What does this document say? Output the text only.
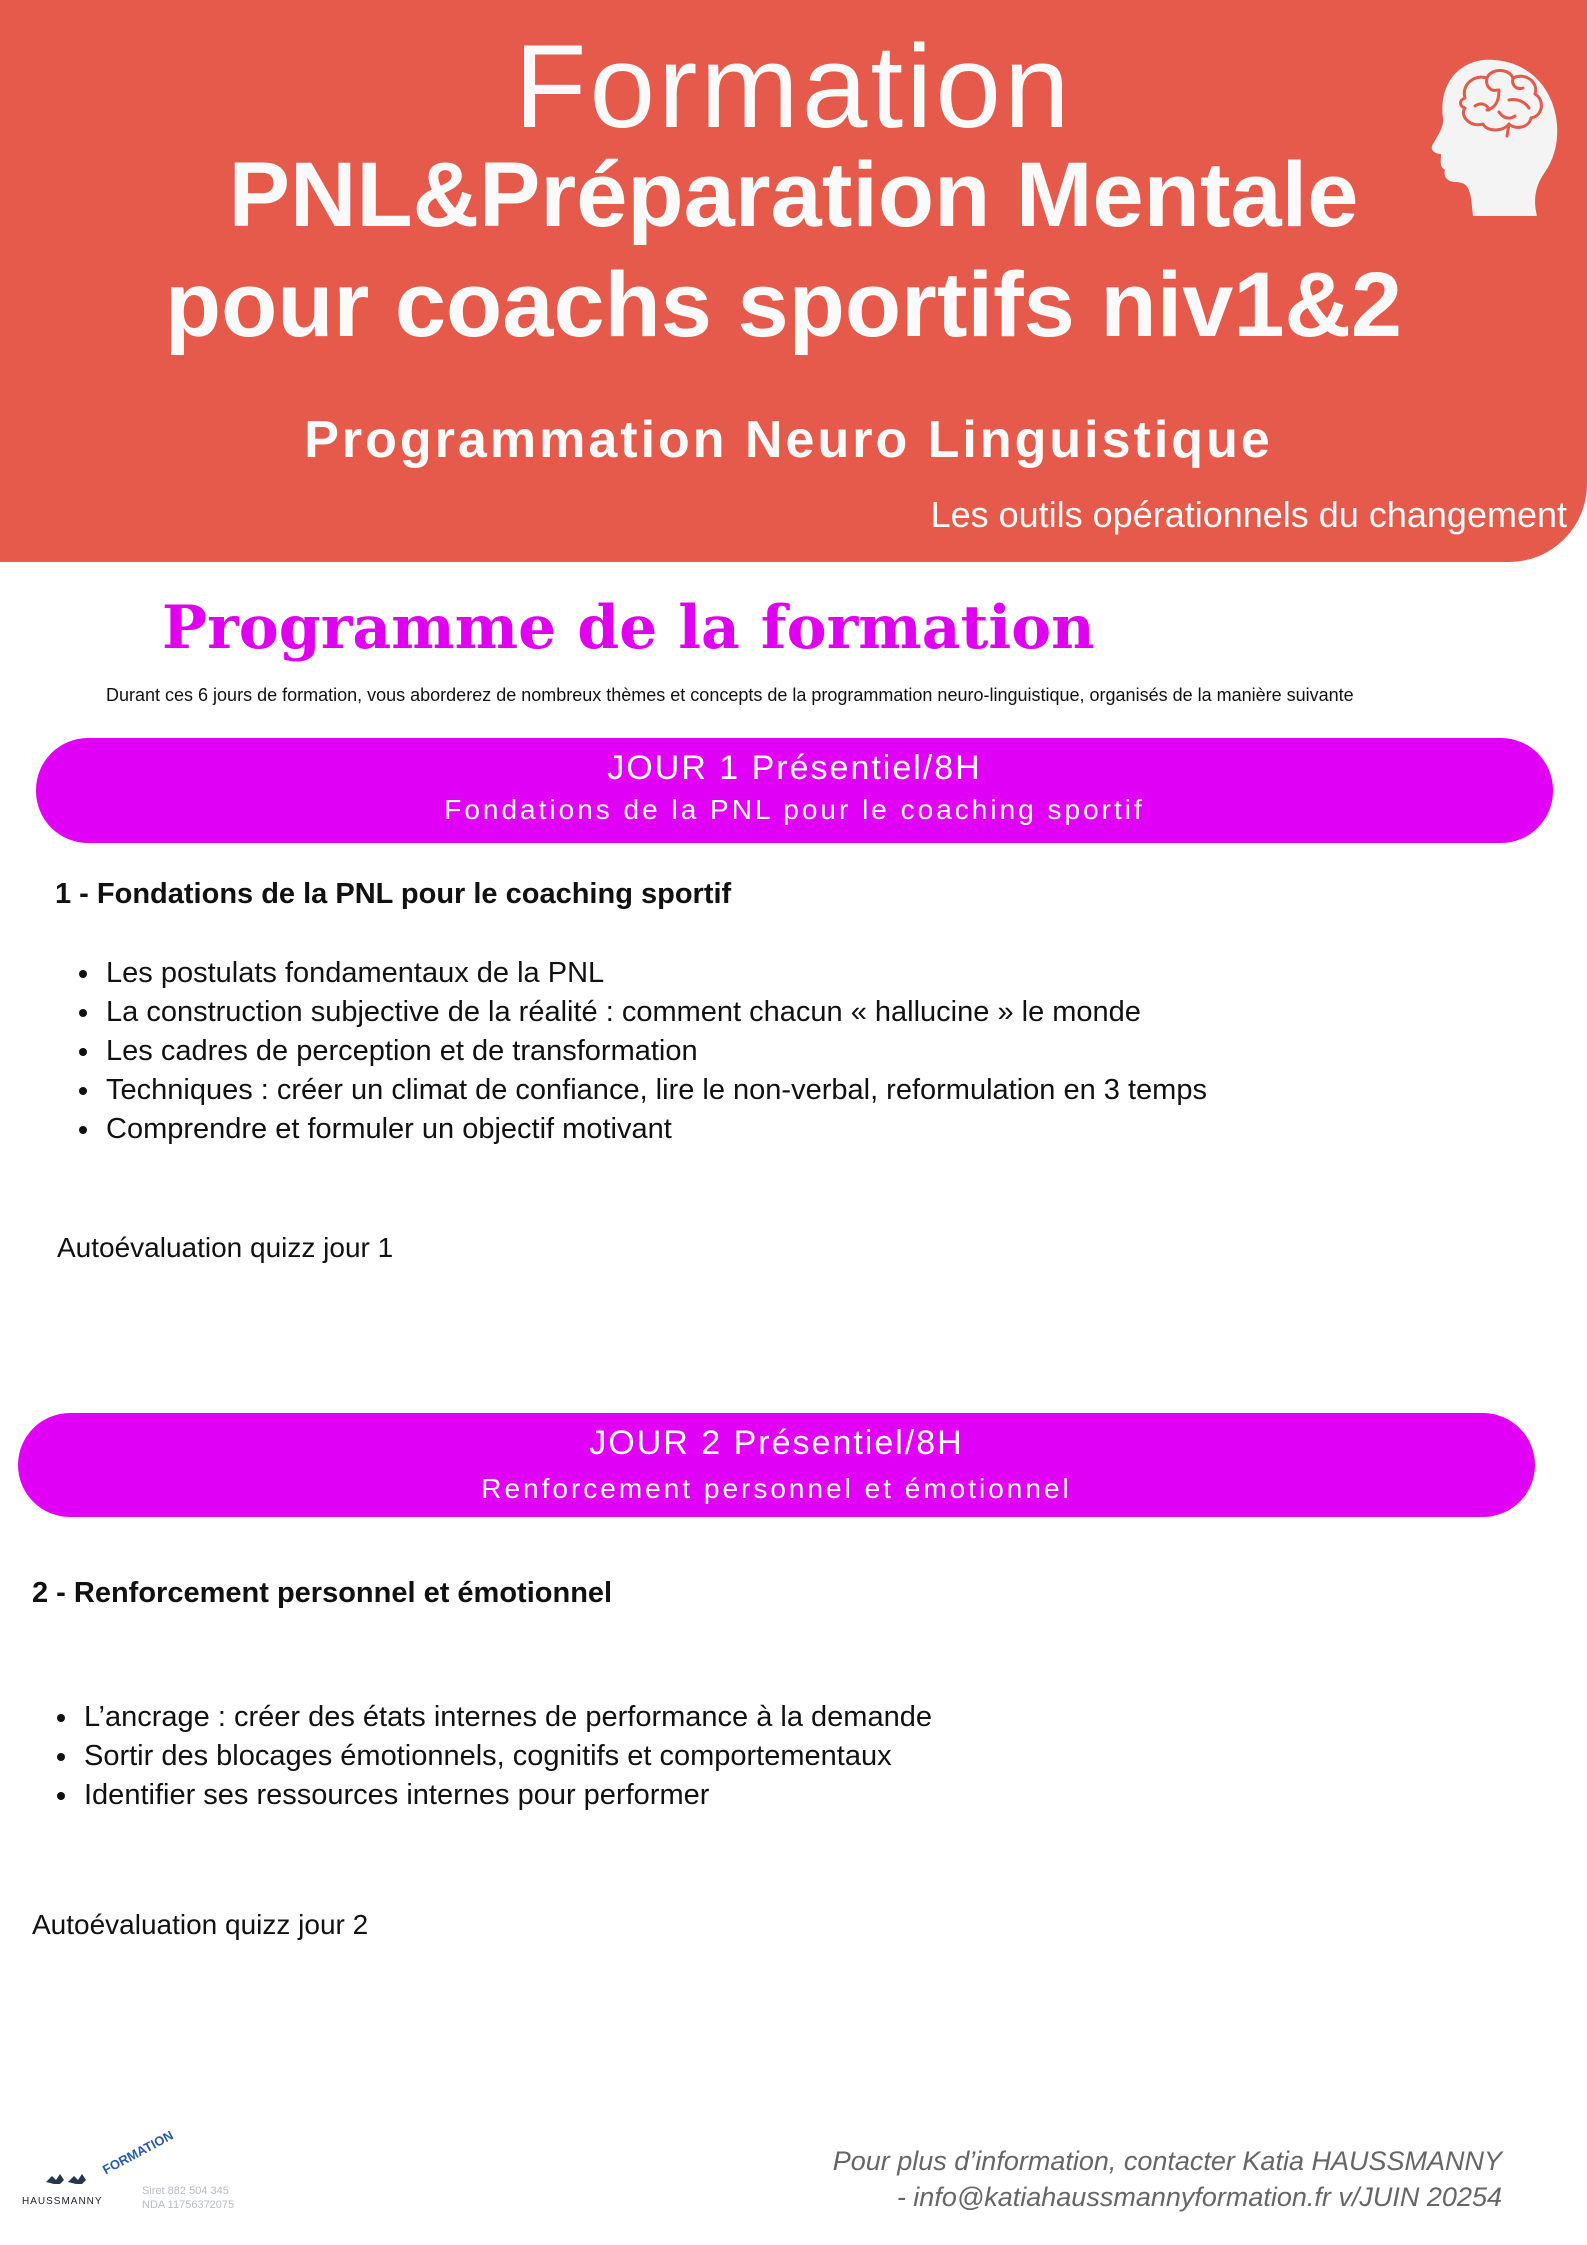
Formation
PNL&Préparation Mentale
pour coachs sportifs niv1&2
Programmation Neuro Linguistique
Les outils opérationnels du changement
Programme de la formation
Durant ces 6 jours de formation, vous aborderez de nombreux thèmes et concepts de la programmation neuro-linguistique, organisés de la manière suivante
JOUR 1 Présentiel/8H
Fondations de la PNL pour le coaching sportif
1 - Fondations de la PNL pour le coaching sportif
Les postulats fondamentaux de la PNL
La construction subjective de la réalité : comment chacun « hallucine » le monde
Les cadres de perception et de transformation
Techniques : créer un climat de confiance, lire le non-verbal, reformulation en 3 temps
Comprendre et formuler un objectif motivant
Autoévaluation quizz jour 1
JOUR 2 Présentiel/8H
Renforcement personnel et émotionnel
2 - Renforcement personnel et émotionnel
L’ancrage : créer des états internes de performance à la demande
Sortir des blocages émotionnels, cognitifs et comportementaux
Identifier ses ressources internes pour performer
Autoévaluation quizz jour 2
HAUSSMANNY
FORMATION
Siret 882 504 345
NDA 11756372075
Pour plus d’information, contacter Katia HAUSSMANNY
- info@katiahaussmannyformation.fr v/JUIN 20254
